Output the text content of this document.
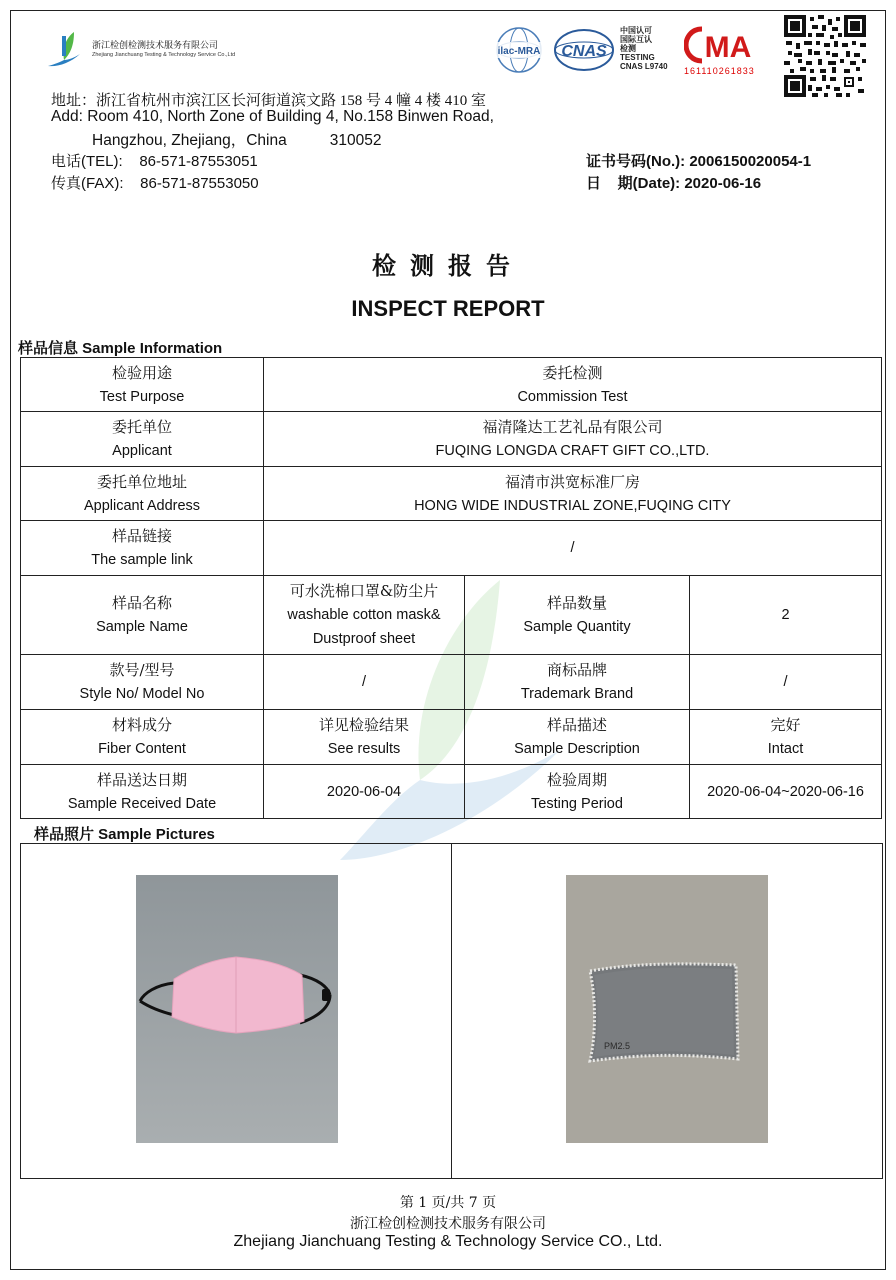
浙江检创检测技术服务有限公司
Zhejiang Jianchuang Testing & Technology Service Co.,Ltd	ilac-MRA CNAS
中国认可
国际互认
检测
TESTING
CNAS L9740
MA
161110261833
地址：浙江省杭州市滨江区长河街道滨文路 158 号 4 幢 4 楼 410 室
Add: Room 410, North Zone of Building 4, No.158 Binwen Road,
Hangzhou, Zhejiang，China          310052
电话(TEL):    86-571-87553051
传真(FAX):    86-571-87553050
证书号码(No.): 2006150020054-1
日    期(Date): 2020-06-16
检测报告
INSPECT REPORT
样品信息 Sample Information
检验用途
Test Purpose	委托检测
Commission Test		

委托单位
Applicant	福清隆达工艺礼品有限公司
FUQING LONGDA CRAFT GIFT CO.,LTD.		

委托单位地址
Applicant Address	福清市洪宽标准厂房
HONG WIDE INDUSTRIAL ZONE,FUQING CITY		

样品链接
The sample link	/		

样品名称
Sample Name	可水洗棉口罩&防尘片
washable cotton mask&
Dustproof sheet	样品数量
Sample Quantity	2

款号/型号
Style No/ Model No	/	商标品牌
Trademark Brand	/

材料成分
Fiber Content	详见检验结果
See results	样品描述
Sample Description	完好
Intact

样品送达日期
Sample Received Date	2020-06-04	检验周期
Testing Period	2020-06-04~2020-06-16
样品照片 Sample Pictures
PM2.5
第 1 页/共 7 页
浙江检创检测技术服务有限公司
Zhejiang Jianchuang Testing & Technology Service CO., Ltd.
